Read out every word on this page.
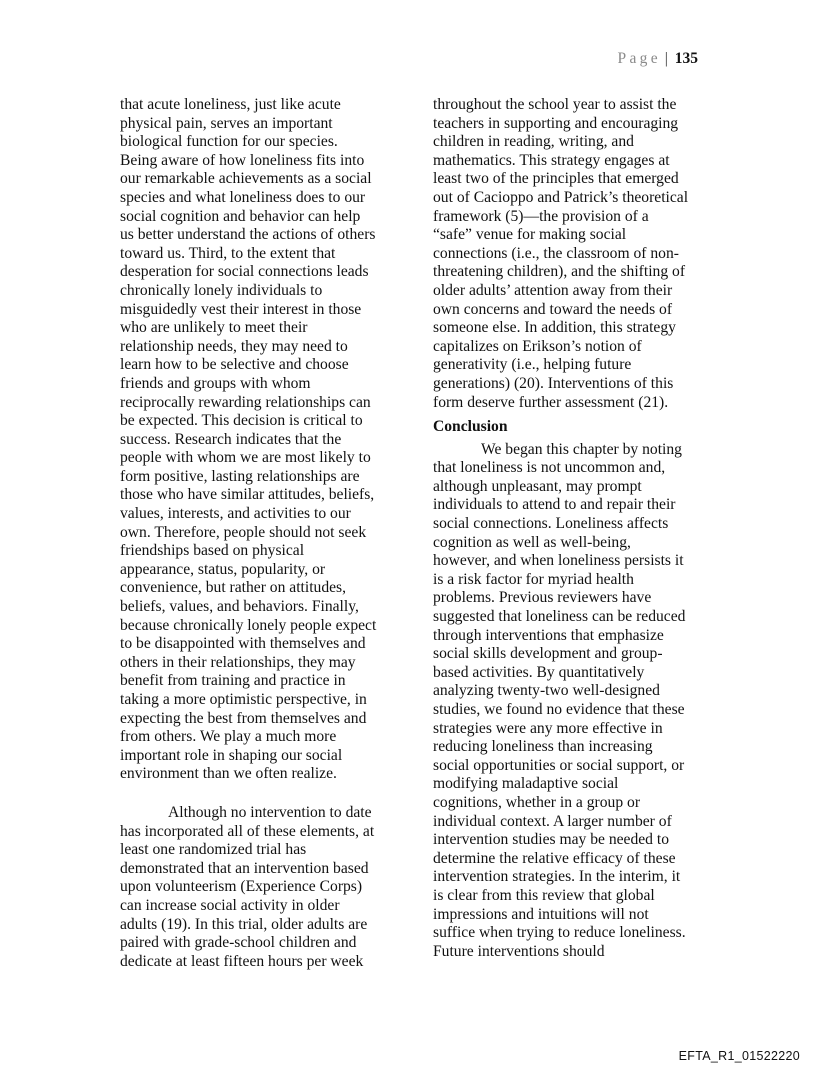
Page | 135

that acute loneliness, just like acute
physical pain, serves an important
biological function for our species.
Being aware of how loneliness fits into
our remarkable achievements as a social
species and what loneliness does to our
social cognition and behavior can help
us better understand the actions of others
toward us. Third, to the extent that
desperation for social connections leads
chronically lonely individuals to
misguidedly vest their interest in those
who are unlikely to meet their
relationship needs, they may need to
learn how to be selective and choose
friends and groups with whom
reciprocally rewarding relationships can
be expected. This decision is critical to
success. Research indicates that the
people with whom we are most likely to
form positive, lasting relationships are
those who have similar attitudes, beliefs,
values, interests, and activities to our
own. Therefore, people should not seek
friendships based on physical
appearance, status, popularity, or
convenience, but rather on attitudes,
beliefs, values, and behaviors. Finally,
because chronically lonely people expect
to be disappointed with themselves and
others in their relationships, they may
benefit from training and practice in
taking a more optimistic perspective, in
expecting the best from themselves and
from others. We play a much more
important role in shaping our social
environment than we often realize.

Although no intervention to date
has incorporated all of these elements, at
least one randomized trial has
demonstrated that an intervention based
upon volunteerism (Experience Corps)
can increase social activity in older
adults (19). In this trial, older adults are
paired with grade-school children and
dedicate at least fifteen hours per week

throughout the school year to assist the
teachers in supporting and encouraging
children in reading, writing, and
mathematics. This strategy engages at
least two of the principles that emerged
out of Cacioppo and Patrick’s theoretical
framework (5)—the provision of a
“safe” venue for making social
connections (i.e., the classroom of non-
threatening children), and the shifting of
older adults’ attention away from their
own concerns and toward the needs of
someone else. In addition, this strategy
capitalizes on Erikson’s notion of
generativity (i.e., helping future
generations) (20). Interventions of this
form deserve further assessment (21).

Conclusion

We began this chapter by noting
that loneliness is not uncommon and,
although unpleasant, may prompt
individuals to attend to and repair their
social connections. Loneliness affects
cognition as well as well-being,
however, and when loneliness persists it
is a risk factor for myriad health
problems. Previous reviewers have
suggested that loneliness can be reduced
through interventions that emphasize
social skills development and group-
based activities. By quantitatively
analyzing twenty-two well-designed
studies, we found no evidence that these
strategies were any more effective in
reducing loneliness than increasing
social opportunities or social support, or
modifying maladaptive social
cognitions, whether in a group or
individual context. A larger number of
intervention studies may be needed to
determine the relative efficacy of these
intervention strategies. In the interim, it
is clear from this review that global
impressions and intuitions will not
suffice when trying to reduce loneliness.
Future interventions should

EFTA_R1_01522220
